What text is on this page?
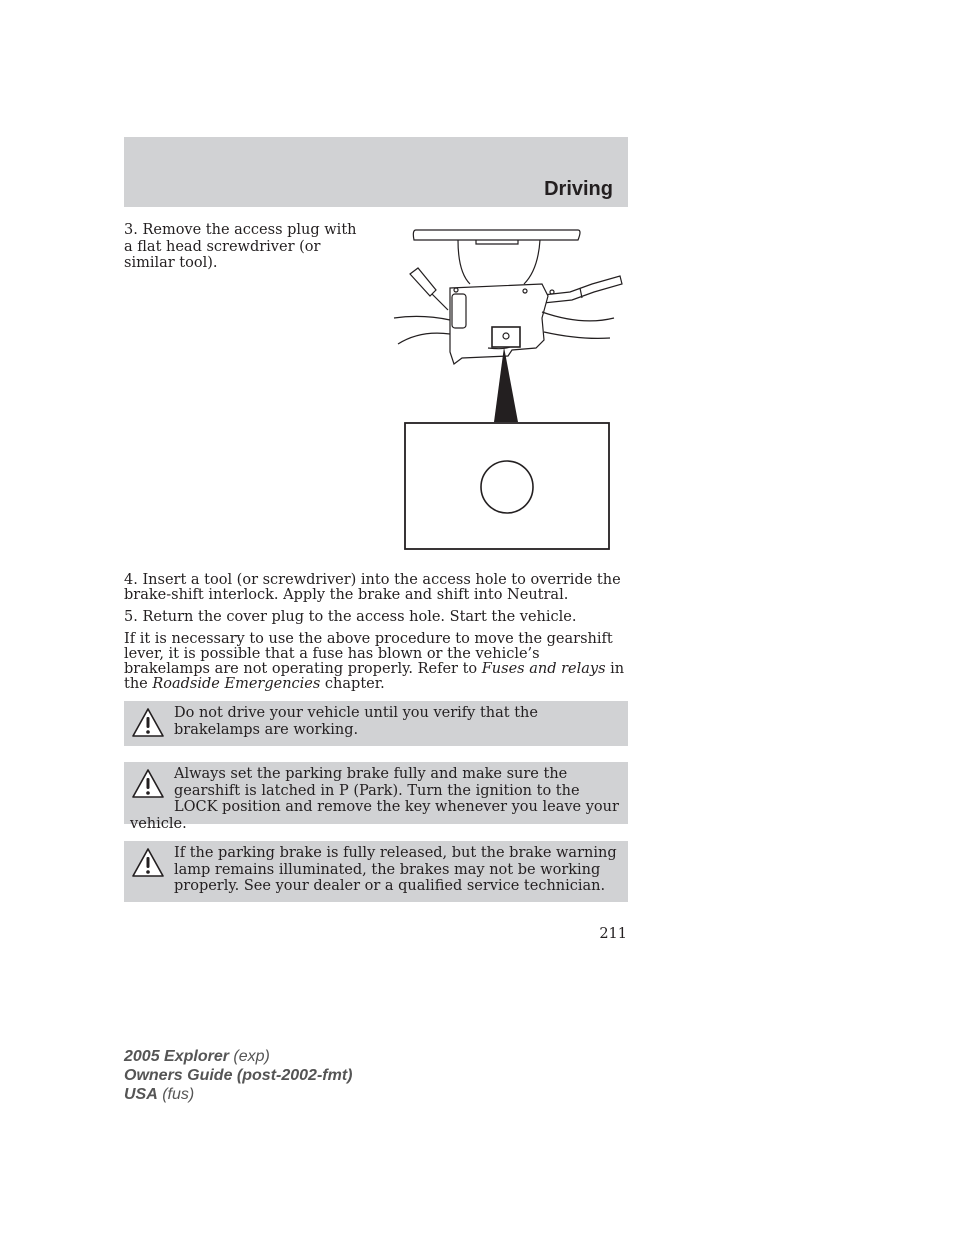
Driving

3. Remove the access plug with a flat head screwdriver (or similar tool).

4. Insert a tool (or screwdriver) into the access hole to override the brake-shift interlock. Apply the brake and shift into Neutral.

5. Return the cover plug to the access hole. Start the vehicle.

If it is necessary to use the above procedure to move the gearshift lever, it is possible that a fuse has blown or the vehicle’s brakelamps are not operating properly. Refer to Fuses and relays in the Roadside Emergencies chapter.

Do not drive your vehicle until you verify that the brakelamps are working.
Always set the parking brake fully and make sure the gearshift is latched in P (Park). Turn the ignition to the LOCK position and remove the key whenever you leave your vehicle.
If the parking brake is fully released, but the brake warning lamp remains illuminated, the brakes may not be working properly. See your dealer or a qualified service technician.
211
2005 Explorer (exp)
Owners Guide (post-2002-fmt)
USA (fus)
